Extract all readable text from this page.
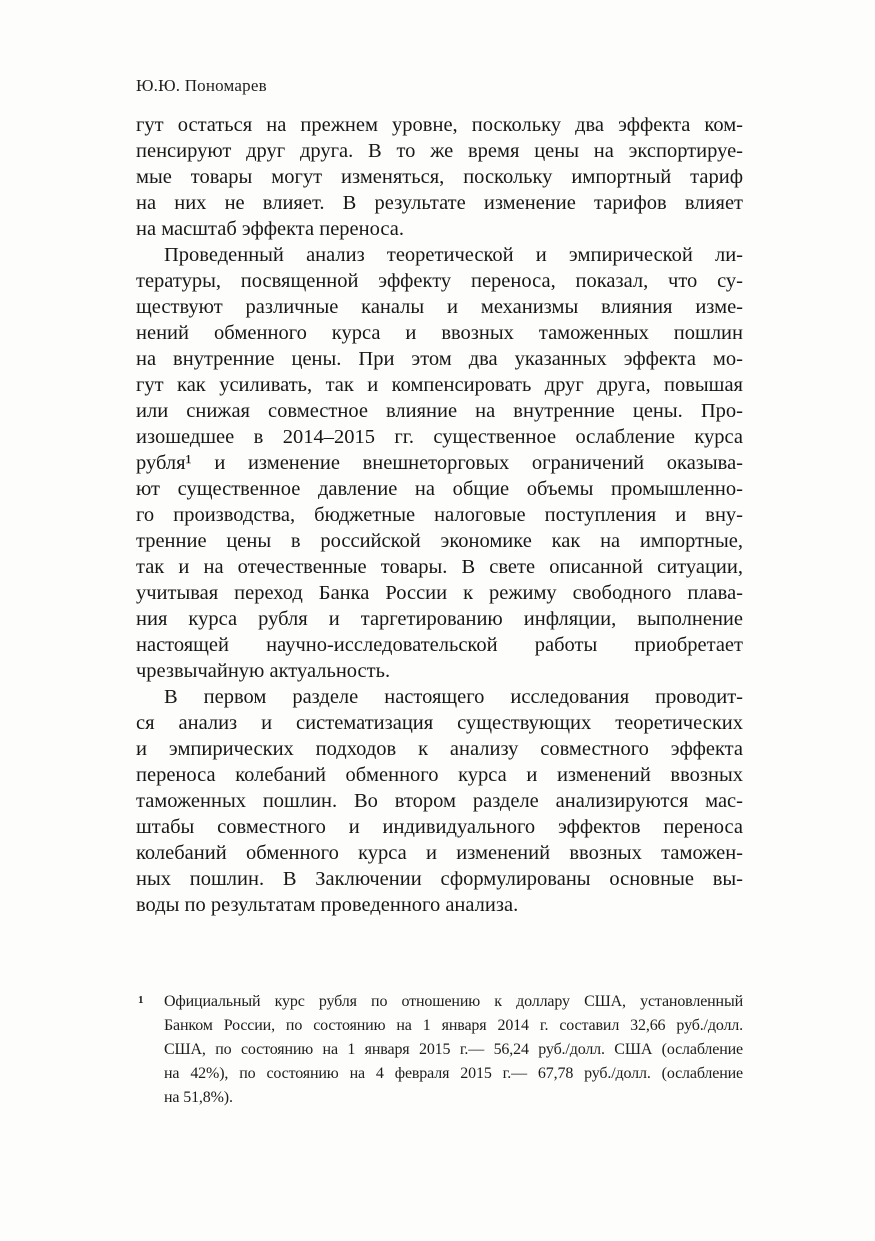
Ю.Ю. Пономарев
гут остаться на прежнем уровне, поскольку два эффекта ком-
пенсируют друг друга. В то же время цены на экспортируе-
мые товары могут изменяться, поскольку импортный тариф
на них не влияет. В результате изменение тарифов влияет
на масштаб эффекта переноса.
Проведенный анализ теоретической и эмпирической ли-
тературы, посвященной эффекту переноса, показал, что су-
ществуют различные каналы и механизмы влияния изме-
нений обменного курса и ввозных таможенных пошлин
на внутренние цены. При этом два указанных эффекта мо-
гут как усиливать, так и компенсировать друг друга, повышая
или снижая совместное влияние на внутренние цены. Про-
изошедшее в 2014–2015 гг. существенное ослабление курса
рубля¹ и изменение внешнеторговых ограничений оказыва-
ют существенное давление на общие объемы промышленно-
го производства, бюджетные налоговые поступления и вну-
тренние цены в российской экономике как на импортные,
так и на отечественные товары. В свете описанной ситуации,
учитывая переход Банка России к режиму свободного плава-
ния курса рубля и таргетированию инфляции, выполнение
настоящей научно-исследовательской работы приобретает
чрезвычайную актуальность.
В первом разделе настоящего исследования проводит-
ся анализ и систематизация существующих теоретических
и эмпирических подходов к анализу совместного эффекта
переноса колебаний обменного курса и изменений ввозных
таможенных пошлин. Во втором разделе анализируются мас-
штабы совместного и индивидуального эффектов переноса
колебаний обменного курса и изменений ввозных таможен-
ных пошлин. В Заключении сформулированы основные вы-
воды по результатам проведенного анализа.
1 Официальный курс рубля по отношению к доллару США, установленный
Банком России, по состоянию на 1 января 2014 г. составил 32,66 руб./долл.
США, по состоянию на 1 января 2015 г.— 56,24 руб./долл. США (ослабление
на 42%), по состоянию на 4 февраля 2015 г.— 67,78 руб./долл. (ослабление
на 51,8%).
